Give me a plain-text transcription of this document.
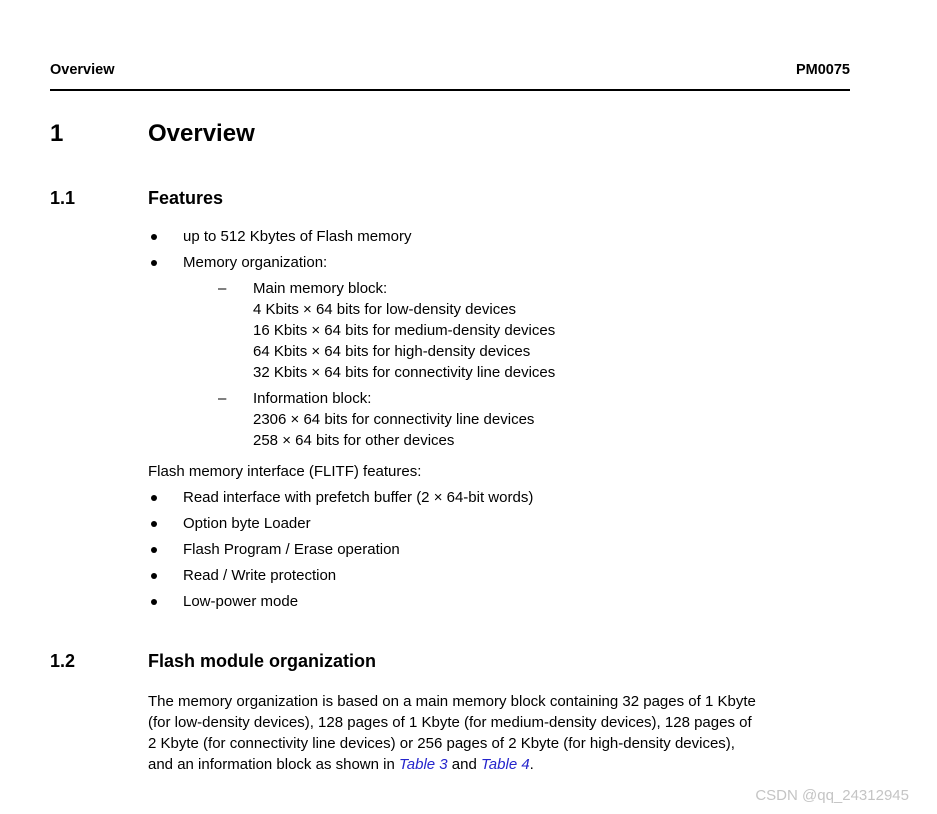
Overview	PM0075
1	Overview
1.1	Features
up to 512 Kbytes of Flash memory
Memory organization:
–	Main memory block:
4 Kbits × 64 bits for low-density devices
16 Kbits × 64 bits for medium-density devices
64 Kbits × 64 bits for high-density devices
32 Kbits × 64 bits for connectivity line devices
–	Information block:
2306 × 64 bits for connectivity line devices
258 × 64 bits for other devices
Flash memory interface (FLITF) features:
Read interface with prefetch buffer (2 × 64-bit words)
Option byte Loader
Flash Program / Erase operation
Read / Write protection
Low-power mode
1.2	Flash module organization
The memory organization is based on a main memory block containing 32 pages of 1 Kbyte
(for low-density devices), 128 pages of 1 Kbyte (for medium-density devices), 128 pages of
2 Kbyte (for connectivity line devices) or 256 pages of 2 Kbyte (for high-density devices),
and an information block as shown in Table 3 and Table 4.
CSDN @qq_24312945
